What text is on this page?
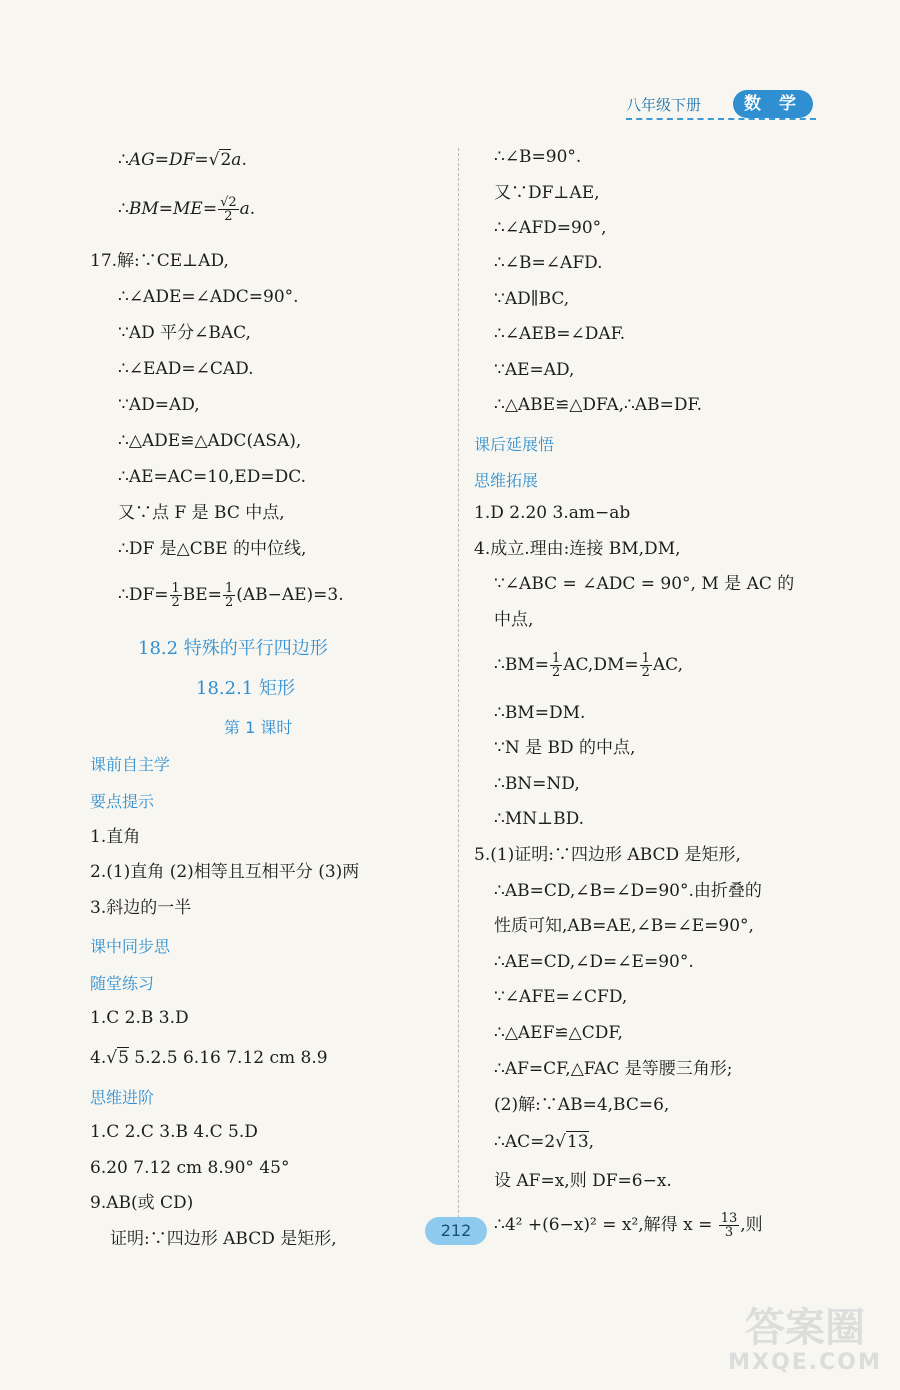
八年级下册	数 学
∴AG=DF=√2a.
∴BM=ME= $\frac{√2}{2} a$.
17.解:∵CE⊥AD,
∴∠ADE=∠ADC=90°.
∵AD 平分∠BAC,
∴∠EAD=∠CAD.
∵AD=AD,
∴△ADE≌△ADC(ASA),
∴AE=AC=10,ED=DC.
又∵点 F 是 BC 中点,
∴DF 是△CBE 的中位线,
∴DF= $\frac{1}{2} BE= \frac{1}{2} (AB-AE)=3$.
18.2 特殊的平行四边形
18.2.1 矩形
第 1 课时
课前自主学
要点提示
1.直角
2.(1)直角 (2)相等且互相平分 (3)两
3.斜边的一半
课中同步思
随堂练习
1.C 2.B 3.D
4.√5 5.2.5 6.16 7.12 cm 8.9
思维进阶
1.C 2.C 3.B 4.C 5.D
6.20 7.12 cm 8.90° 45°
9.AB(或 CD)
证明:∵四边形 ABCD 是矩形,
∴∠B=90°.
又∵DF⊥AE,
∴∠AFD=90°,
∴∠B=∠AFD.
∵AD∥BC,
∴∠AEB=∠DAF.
∵AE=AD,
∴△ABE≌△DFA,∴AB=DF.
课后延展悟
思维拓展
1.D 2.20 3.am−ab
4.成立.理由:连接 BM,DM,
∵∠ABC = ∠ADC = 90°, M 是 AC 的
中点,
∴BM= $\frac{1}{2} AC,DM= \frac{1}{2}$ AC,
∴BM=DM.
∵N 是 BD 的中点,
∴BN=ND,
∴MN⊥BD.
5.(1)证明:∵四边形 ABCD 是矩形,
∴AB=CD,∠B=∠D=90°.由折叠的
性质可知,AB=AE,∠B=∠E=90°,
∴AE=CD,∠D=∠E=90°.
∵∠AFE=∠CFD,
∴△AEF≌△CDF,
∴AF=CF,△FAC 是等腰三角形;
(2)解:∵AB=4,BC=6,
∴AC=2√13,
设 AF=x,则 DF=6−x.
∴4² +(6−x)² = x²,解得 $x = \frac{13}{3}$ ,则
212
答案圈
MXQE.COM
